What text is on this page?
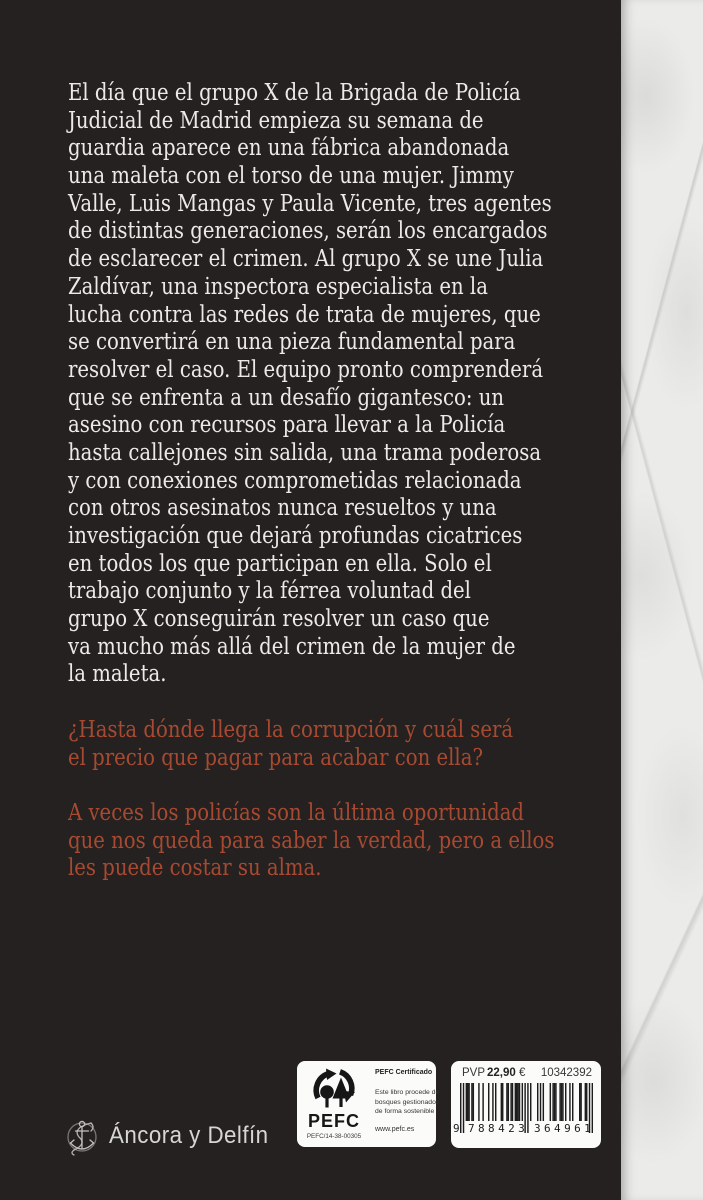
El día que el grupo X de la Brigada de Policía
Judicial de Madrid empieza su semana de
guardia aparece en una fábrica abandonada
una maleta con el torso de una mujer. Jimmy
Valle, Luis Mangas y Paula Vicente, tres agentes
de distintas generaciones, serán los encargados
de esclarecer el crimen. Al grupo X se une Julia
Zaldívar, una inspectora especialista en la
lucha contra las redes de trata de mujeres, que
se convertirá en una pieza fundamental para
resolver el caso. El equipo pronto comprenderá
que se enfrenta a un desafío gigantesco: un
asesino con recursos para llevar a la Policía
hasta callejones sin salida, una trama poderosa
y con conexiones comprometidas relacionada
con otros asesinatos nunca resueltos y una
investigación que dejará profundas cicatrices
en todos los que participan en ella. Solo el
trabajo conjunto y la férrea voluntad del
grupo X conseguirán resolver un caso que
va mucho más allá del crimen de la mujer de
la maleta.
¿Hasta dónde llega la corrupción y cuál será
el precio que pagar para acabar con ella?
A veces los policías son la última oportunidad
que nos queda para saber la verdad, pero a ellos
les puede costar su alma.
PEFC
PEFC/14-38-00305
PEFC Certificado
Este libro procede de
bosques gestionados
de forma sostenible
www.pefc.es
PVP 22,90 € 10342392
9 788423 364961
Áncora y Delfín
